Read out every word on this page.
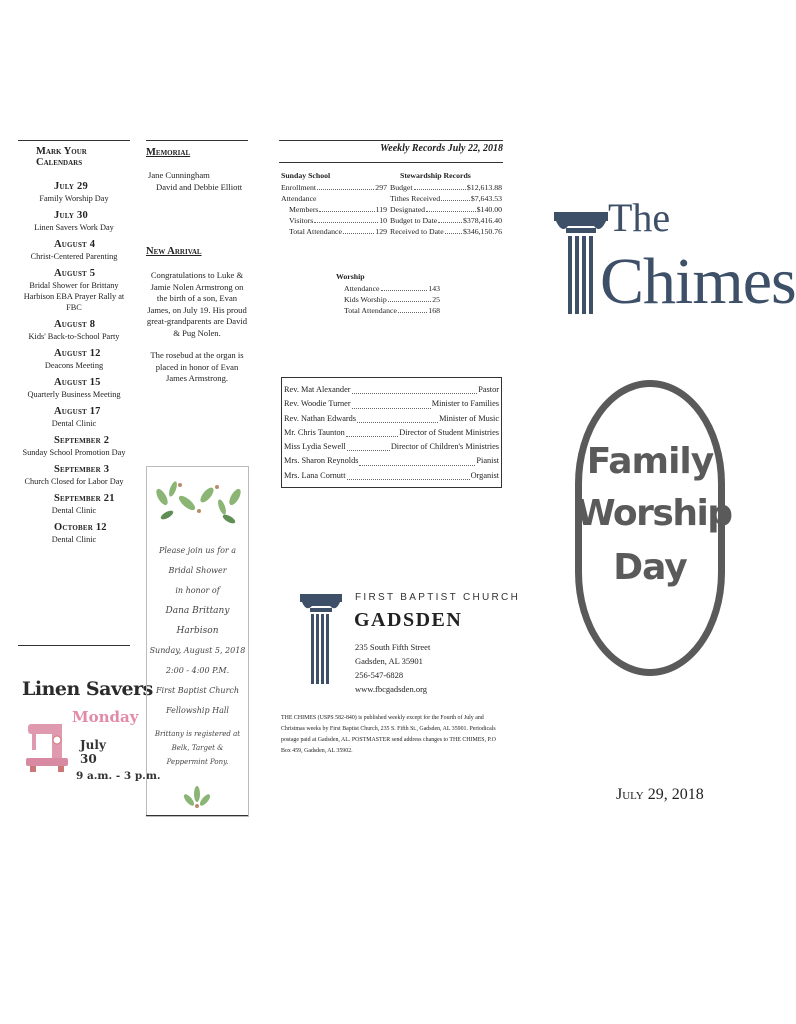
Mark Your Calendars
July 29
Family Worship Day
July 30
Linen Savers Work Day
August 4
Christ-Centered Parenting
August 5
Bridal Shower for Brittany Harbison EBA Prayer Rally at FBC
August 8
Kids' Back-to-School Party
August 12
Deacons Meeting
August 15
Quarterly Business Meeting
August 17
Dental Clinic
September 2
Sunday School Promotion Day
September 3
Church Closed for Labor Day
September 21
Dental Clinic
October 12
Dental Clinic
Linen Savers
Monday
July 30
9 a.m. - 3 p.m.
Memorial
Jane Cunningham
David and Debbie Elliott
New Arrival
Congratulations to Luke & Jamie Nolen Armstrong on the birth of a son, Evan James, on July 19. His proud great-grandparents are David & Pug Nolen.
The rosebud at the organ is placed in honor of Evan James Armstrong.
Please join us for a Bridal Shower
in honor of
Dana Brittany Harbison
Sunday, August 5, 2018
2:00 - 4:00 P.M.
First Baptist Church
Fellowship Hall
Brittany is registered at Belk, Target &
Peppermint Pony.
Weekly Records July 22, 2018
Sunday School
Enrollment	297
Attendance
Members	119
Visitors	10
Total Attendance	129
Stewardship Records
Budget	$12,613.88
Tithes Received	$7,643.53
Designated	$140.00
Budget to Date	$378,416.40
Received to Date $346,150.76
Worship
Attendance	143
Kids Worship	25
Total Attendance	168
Rev. Mat Alexander	Pastor
Rev. Woodie Turner	Minister to Families
Rev. Nathan Edwards	Minister of Music
Mr. Chris Taunton	Director of Student Ministries
Miss Lydia Sewell	Director of Children's Ministries
Mrs. Sharon Reynolds	Pianist
Mrs. Lana Cornutt	Organist
FIRST BAPTIST CHURCH
GADSDEN
235 South Fifth Street
Gadsden, AL 35901
256-547-6828
www.fbcgadsden.org
THE CHIMES (USPS 582-840) is published weekly except for the Fourth of July and Christmas weeks by First Baptist Church, 235 S. Fifth St., Gadsden, AL 35901. Periodicals postage paid at Gadsden, AL. POSTMASTER send address changes to THE CHIMES, P.O Box 459, Gadsden, AL 35902.
The
Chimes
Family
Worship
Day
July 29, 2018
